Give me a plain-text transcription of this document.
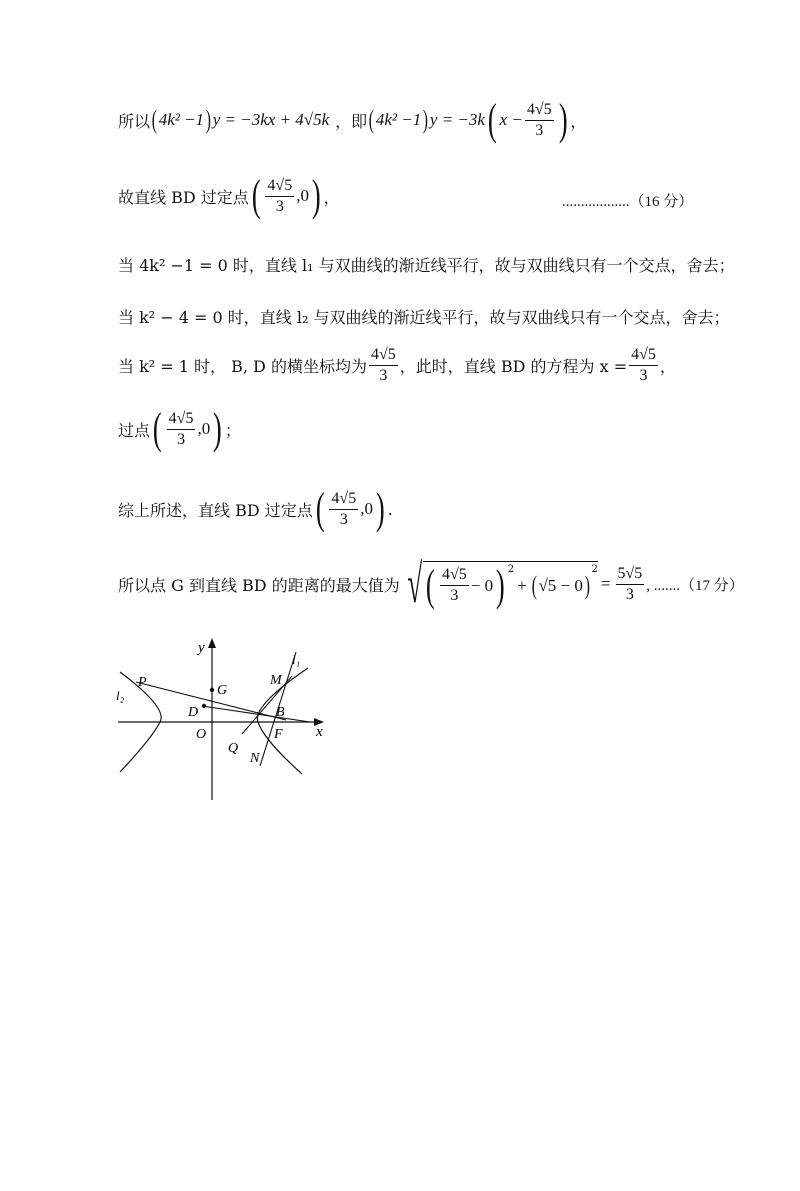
所以 ( 4k² −1 ) y = −3kx + 4√5k ，即 ( 4k² −1 ) y = −3k ( $x - \frac{4√5}{3}$ ) ，
故直线 BD 过定点 ( $\frac{4√5}{3} ,0$ ) ，	..................（16 分）
当 4k² −1 = 0 时，直线 l₁ 与双曲线的渐近线平行，故与双曲线只有一个交点，舍去；
当 k² − 4 = 0 时，直线 l₂ 与双曲线的渐近线平行，故与双曲线只有一个交点，舍去；
当 k² = 1 时， B, D 的横坐标均为 $\frac{4√5}{3}$ ，此时，直线 BD 的方程为 $x = \frac{4√5}{3}$ ，
过点 ( $\frac{4√5}{3} ,0$ ) ；
综上所述，直线 BD 过定点 ( $\frac{4√5}{3} ,0$ ) .
所以点 G 到直线 BD 的距离的最大值为 √ ( $\frac{4√5}{3} - 0$ ) $^2$
+ ( √5 − 0 )
$^2$
= $\frac{5√5}{3}$ , .......（17 分）
y
x
O
G
P
D	B
M
F
Q
N
l₁
l₂
